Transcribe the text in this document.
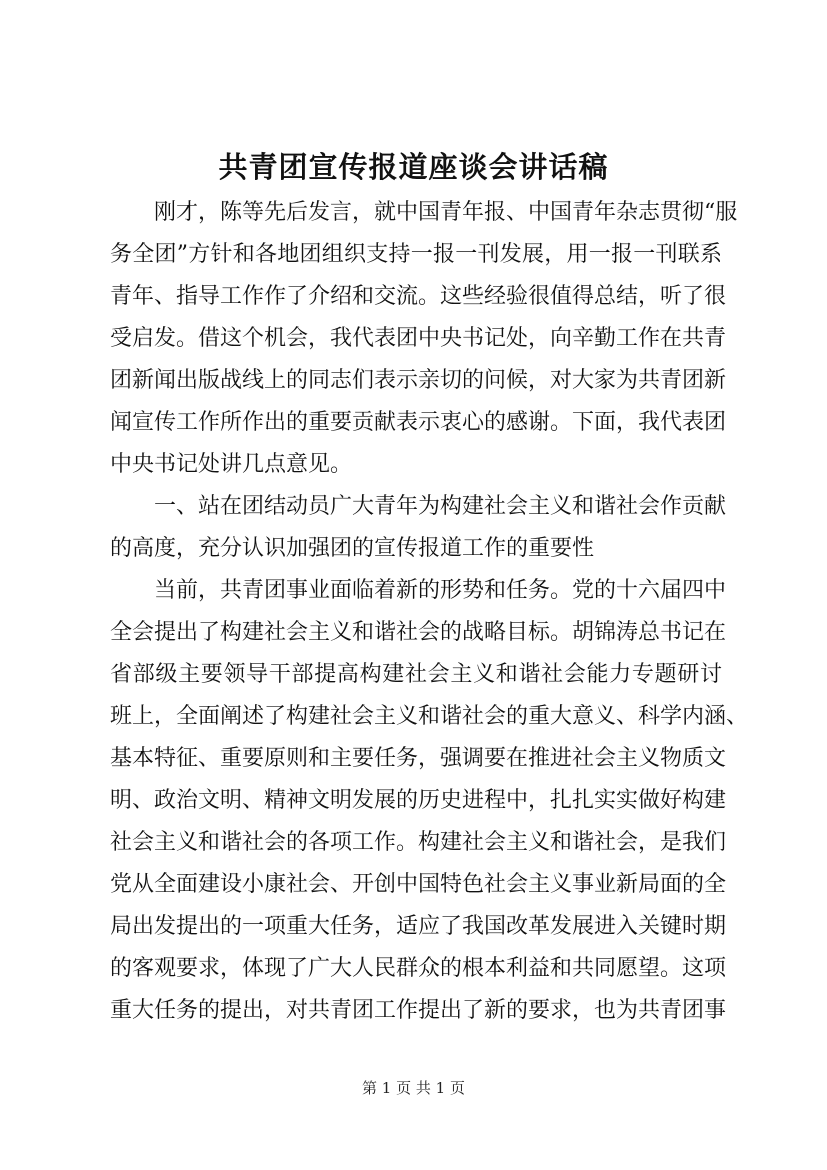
共青团宣传报道座谈会讲话稿
刚才，陈等先后发言，就中国青年报、中国青年杂志贯彻“服
务全团”方针和各地团组织支持一报一刊发展，用一报一刊联系
青年、指导工作作了介绍和交流。这些经验很值得总结，听了很
受启发。借这个机会，我代表团中央书记处，向辛勤工作在共青
团新闻出版战线上的同志们表示亲切的问候，对大家为共青团新
闻宣传工作所作出的重要贡献表示衷心的感谢。下面，我代表团
中央书记处讲几点意见。
一、站在团结动员广大青年为构建社会主义和谐社会作贡献
的高度，充分认识加强团的宣传报道工作的重要性
当前，共青团事业面临着新的形势和任务。党的十六届四中
全会提出了构建社会主义和谐社会的战略目标。胡锦涛总书记在
省部级主要领导干部提高构建社会主义和谐社会能力专题研讨
班上，全面阐述了构建社会主义和谐社会的重大意义、科学内涵、
基本特征、重要原则和主要任务，强调要在推进社会主义物质文
明、政治文明、精神文明发展的历史进程中，扎扎实实做好构建
社会主义和谐社会的各项工作。构建社会主义和谐社会，是我们
党从全面建设小康社会、开创中国特色社会主义事业新局面的全
局出发提出的一项重大任务，适应了我国改革发展进入关键时期
的客观要求，体现了广大人民群众的根本利益和共同愿望。这项
重大任务的提出，对共青团工作提出了新的要求，也为共青团事
第 1 页 共 1 页
